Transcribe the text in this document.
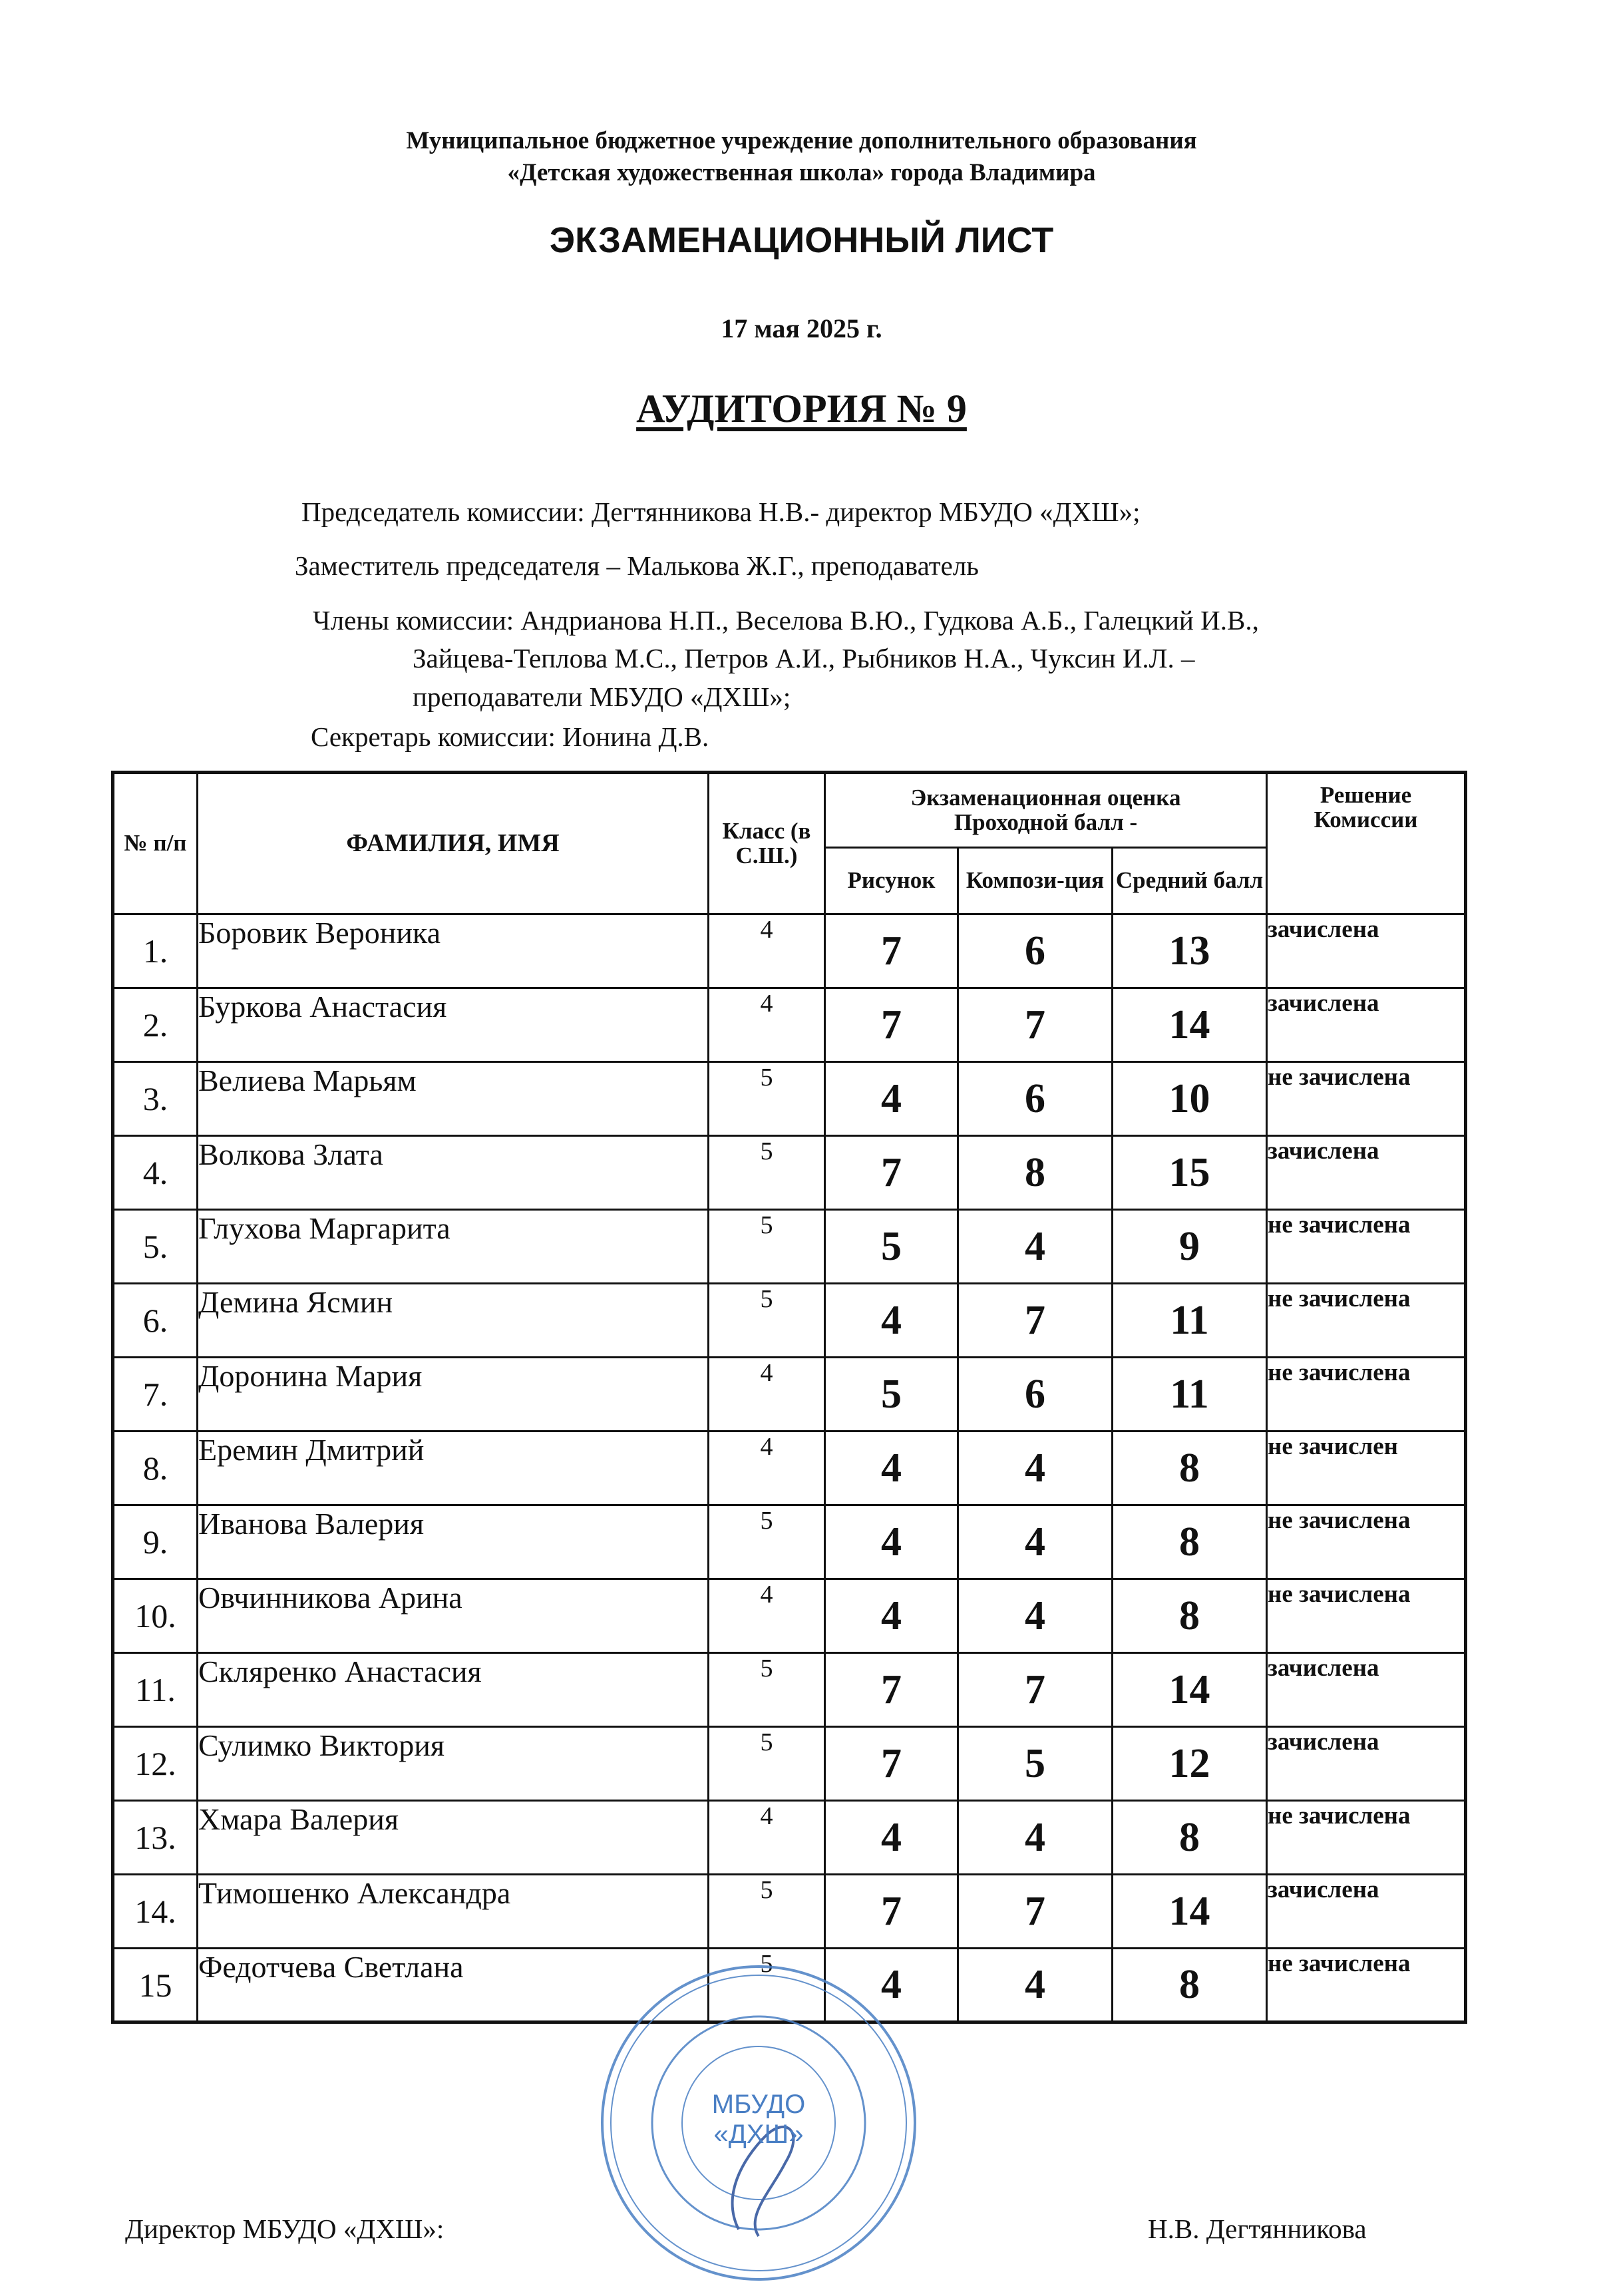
Муниципальное бюджетное учреждение дополнительного образования
«Детская художественная школа» города Владимира
ЭКЗАМЕНАЦИОННЫЙ ЛИСТ
17 мая 2025 г.
АУДИТОРИЯ № 9
Председатель комиссии: Дегтянникова Н.В.- директор МБУДО «ДХШ»;
Заместитель председателя – Малькова Ж.Г., преподаватель
Члены комиссии: Андрианова Н.П., Веселова В.Ю., Гудкова А.Б., Галецкий И.В.,
Зайцева-Теплова М.С., Петров А.И., Рыбников Н.А., Чуксин И.Л. –
преподаватели МБУДО «ДХШ»;
Секретарь комиссии: Ионина Д.В.
№ п/п	ФАМИЛИЯ, ИМЯ	Класс (в С.Ш.)	Экзаменационная оценка
Проходной балл -			Решение Комиссии
			Рисунок	Компози-ция	Средний балл	
1.	Боровик Вероника	4	7	6	13	зачислена
2.	Буркова Анастасия	4	7	7	14	зачислена
3.	Велиева Марьям	5	4	6	10	не зачислена
4.	Волкова Злата	5	7	8	15	зачислена
5.	Глухова Маргарита	5	5	4	9	не зачислена
6.	Демина Ясмин	5	4	7	11	не зачислена
7.	Доронина Мария	4	5	6	11	не зачислена
8.	Еремин Дмитрий	4	4	4	8	не зачислен
9.	Иванова Валерия	5	4	4	8	не зачислена
10.	Овчинникова Арина	4	4	4	8	не зачислена
11.	Скляренко Анастасия	5	7	7	14	зачислена
12.	Сулимко Виктория	5	7	5	12	зачислена
13.	Хмара Валерия	4	4	4	8	не зачислена
14.	Тимошенко Александра	5	7	7	14	зачислена
15	Федотчева Светлана	5	4	4	8	не зачислена
МБУДО
«ДХШ»
Директор МБУДО «ДХШ»:	Н.В. Дегтянникова
